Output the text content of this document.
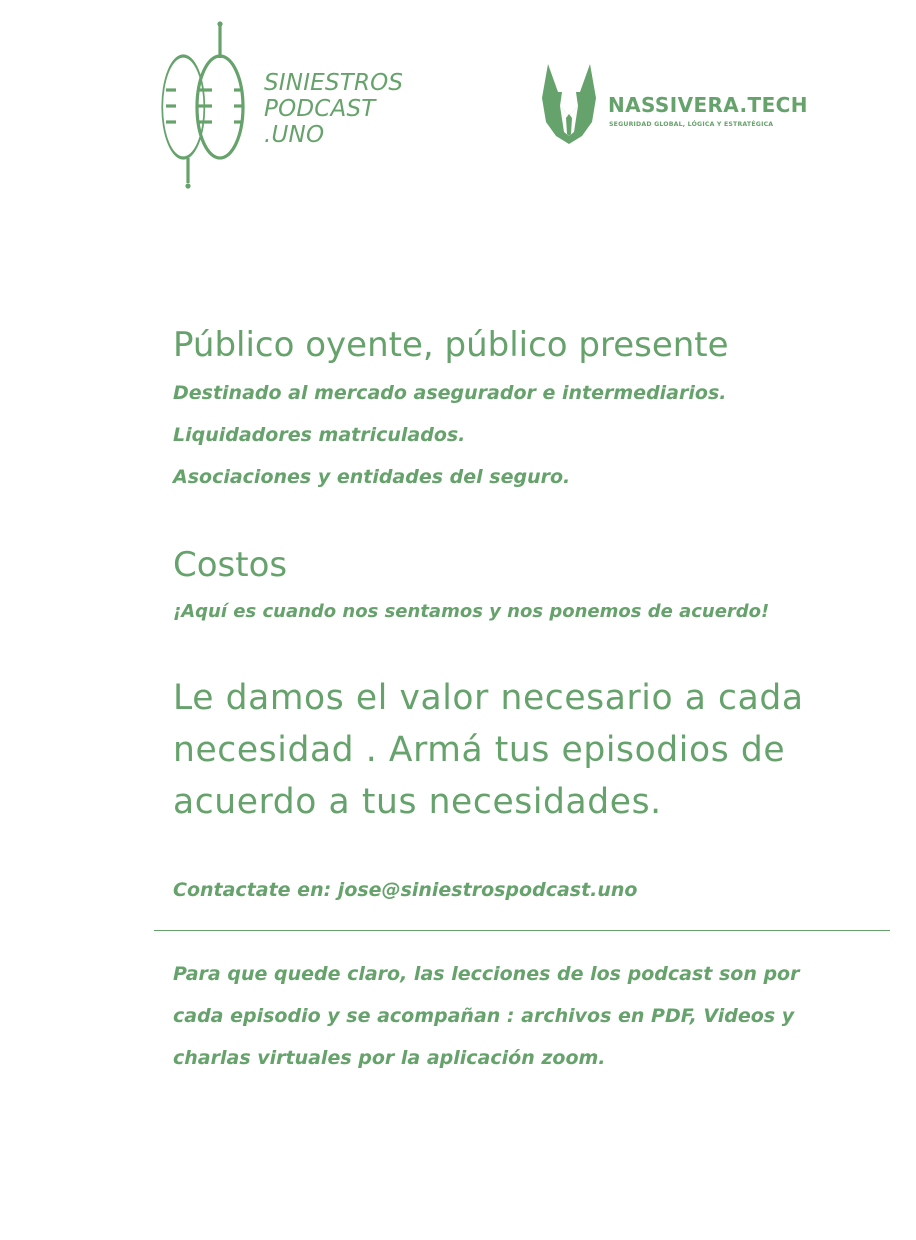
SINIESTROS
PODCAST
.UNO
NASSIVERA.TECH
SEGURIDAD GLOBAL, LÓGICA Y ESTRATÉGICA
Público oyente, público presente

Destinado al mercado asegurador e intermediarios.

Liquidadores matriculados.

Asociaciones y entidades del seguro.

Costos
¡Aquí es cuando nos sentamos y nos ponemos de acuerdo!
Le damos el valor necesario a cada
necesidad . Armá tus episodios de
acuerdo a tus necesidades.
Contactate en: jose@siniestrospodcast.uno
Para que quede claro, las lecciones de los podcast son por
cada episodio y se acompañan : archivos en PDF, Videos y
charlas virtuales por la aplicación zoom.
